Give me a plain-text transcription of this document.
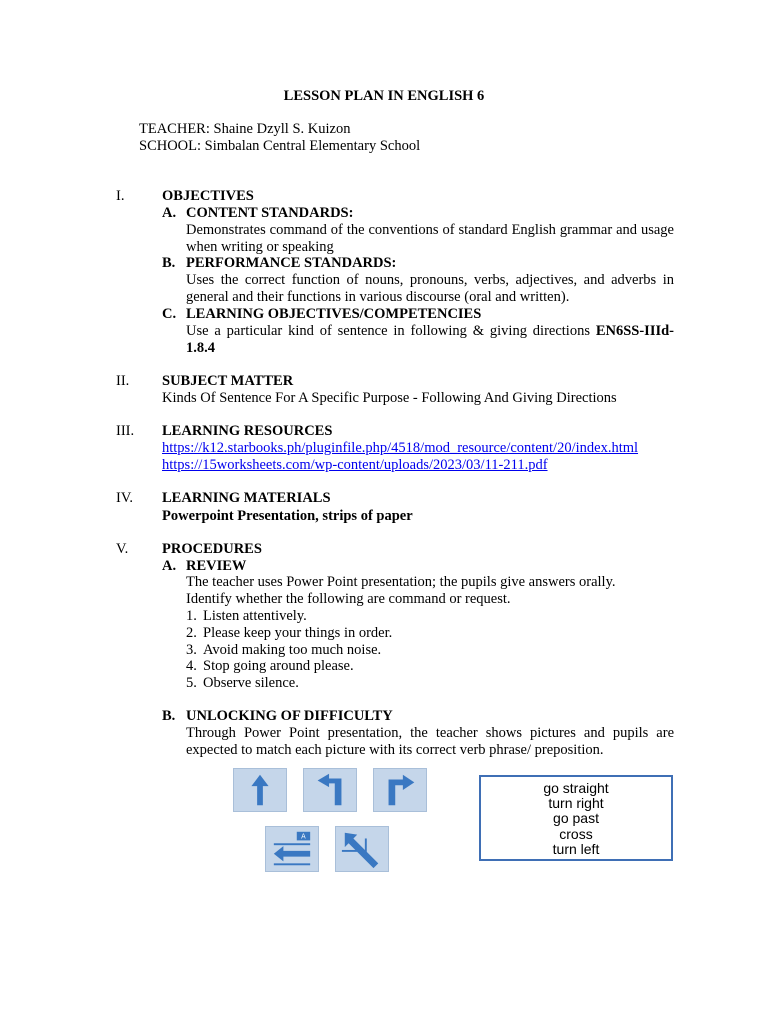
LESSON PLAN IN ENGLISH 6
TEACHER: Shaine Dzyll S. Kuizon
SCHOOL: Simbalan Central Elementary School
I.	OBJECTIVES
A. CONTENT STANDARDS:
Demonstrates command of the conventions of standard English grammar and usage when writing or speaking
B. PERFORMANCE STANDARDS:
Uses the correct function of nouns, pronouns, verbs, adjectives, and adverbs in general and their functions in various discourse (oral and written).
C. LEARNING OBJECTIVES/COMPETENCIES
Use a particular kind of sentence in following & giving directions EN6SS-IIId-1.8.4
II. SUBJECT MATTER
Kinds Of Sentence For A Specific Purpose - Following And Giving Directions
III. LEARNING RESOURCES
https://k12.starbooks.ph/pluginfile.php/4518/mod_resource/content/20/index.html
https://15worksheets.com/wp-content/uploads/2023/03/11-211.pdf
IV. LEARNING MATERIALS
Powerpoint Presentation, strips of paper
V. PROCEDURES
A. REVIEW
The teacher uses Power Point presentation; the pupils give answers orally.
Identify whether the following are command or request.
1. Listen attentively.
2. Please keep your things in order.
3. Avoid making too much noise.
4. Stop going around please.
5. Observe silence.
B. UNLOCKING OF DIFFICULTY
Through Power Point presentation, the teacher shows pictures and pupils are expected to match each picture with its correct verb phrase/ preposition.
A
go straight
turn right
go past
cross
turn left
